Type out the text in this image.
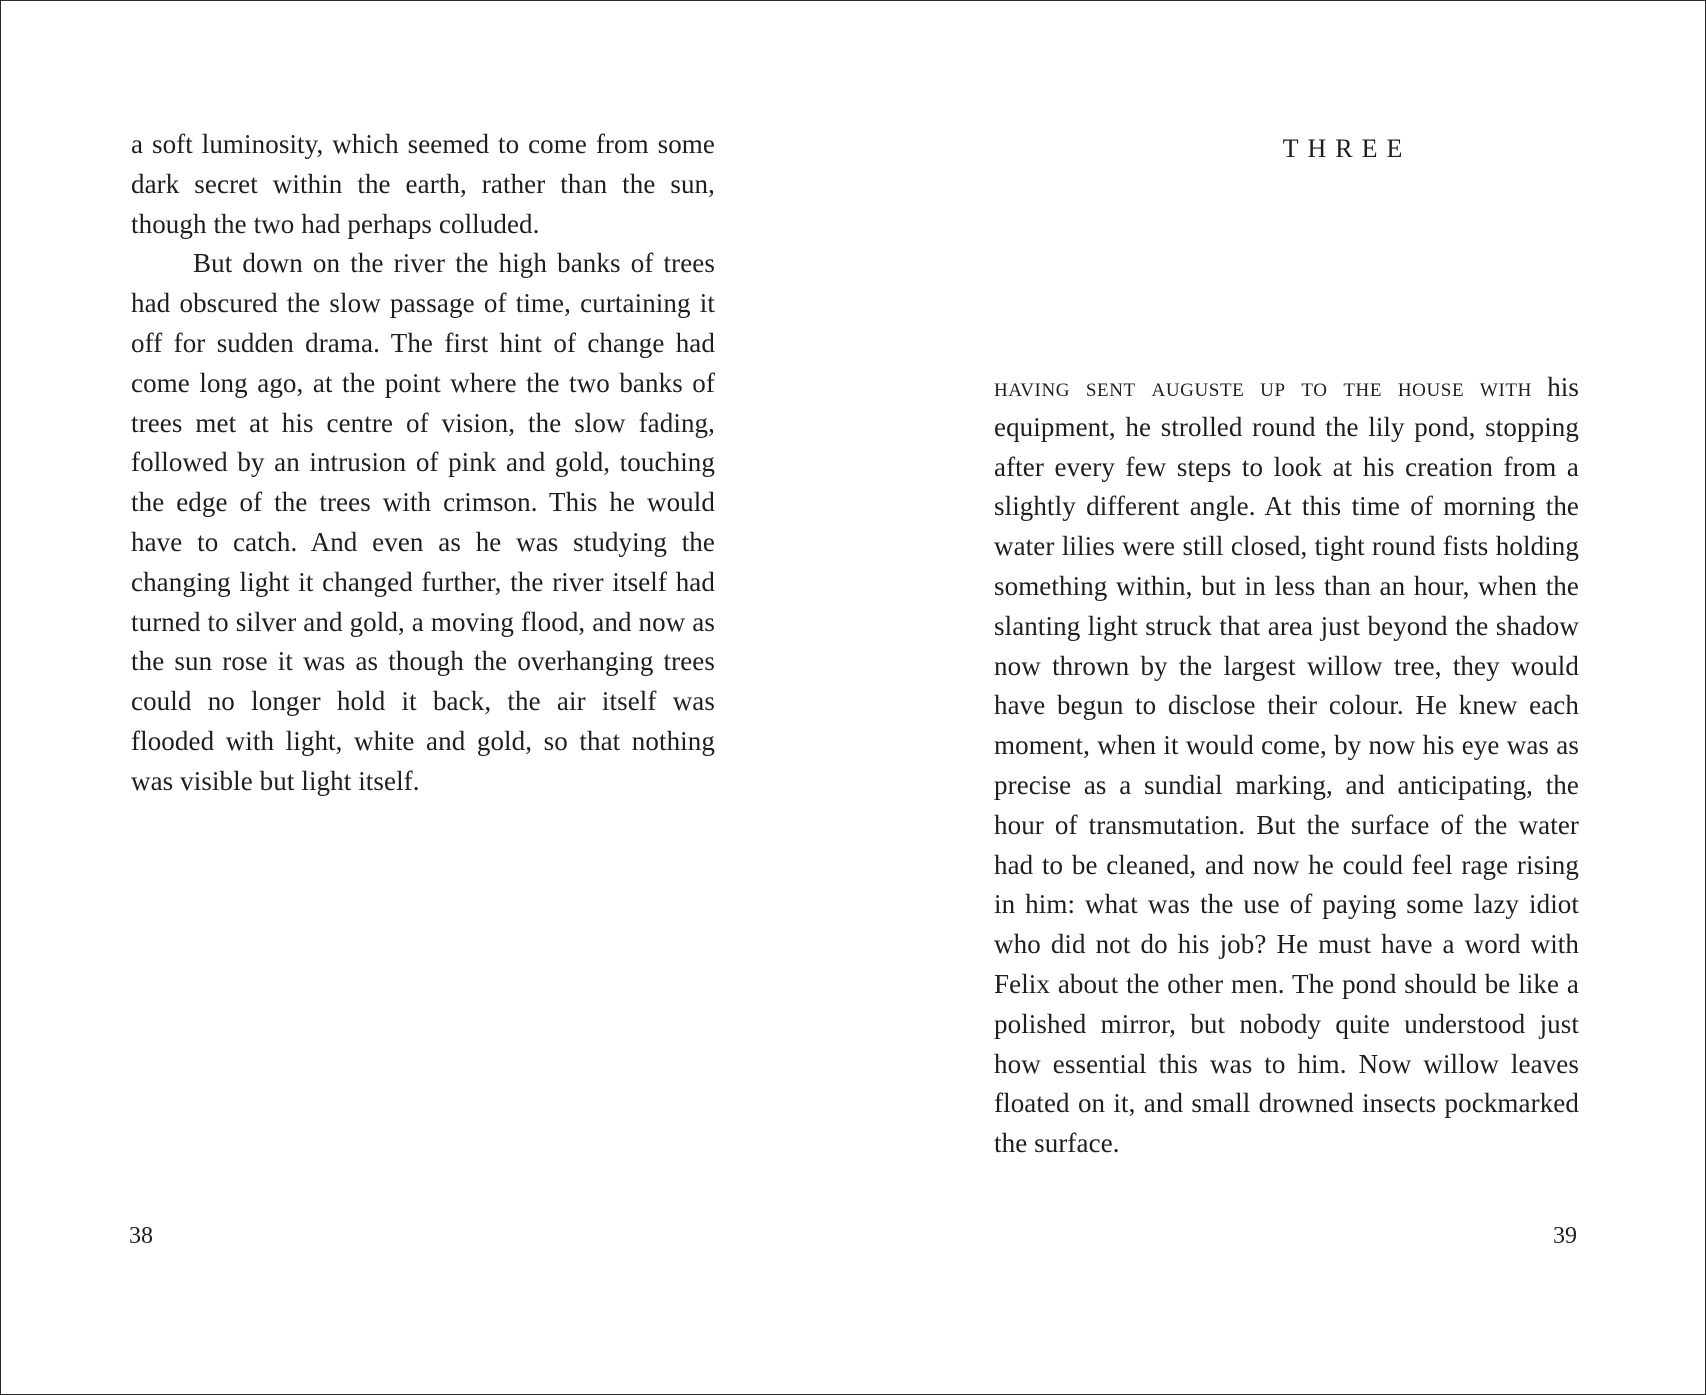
a soft luminosity, which seemed to come from some dark secret within the earth, rather than the sun, though the two had perhaps colluded.

But down on the river the high banks of trees had obscured the slow passage of time, curtaining it off for sudden drama. The first hint of change had come long ago, at the point where the two banks of trees met at his centre of vision, the slow fading, followed by an intrusion of pink and gold, touching the edge of the trees with crimson. This he would have to catch. And even as he was studying the changing light it changed further, the river itself had turned to silver and gold, a moving flood, and now as the sun rose it was as though the overhanging trees could no longer hold it back, the air itself was flooded with light, white and gold, so that nothing was visible but light itself.

38
THREE

having sent auguste up to the house with his equipment, he strolled round the lily pond, stopping after every few steps to look at his creation from a slightly different angle. At this time of morning the water lilies were still closed, tight round fists holding something within, but in less than an hour, when the slanting light struck that area just beyond the shadow now thrown by the largest willow tree, they would have begun to disclose their colour. He knew each moment, when it would come, by now his eye was as precise as a sundial marking, and anticipating, the hour of transmutation. But the surface of the water had to be cleaned, and now he could feel rage rising in him: what was the use of paying some lazy idiot who did not do his job? He must have a word with Felix about the other men. The pond should be like a polished mirror, but nobody quite understood just how essential this was to him. Now willow leaves floated on it, and small drowned insects pockmarked the surface.

39
